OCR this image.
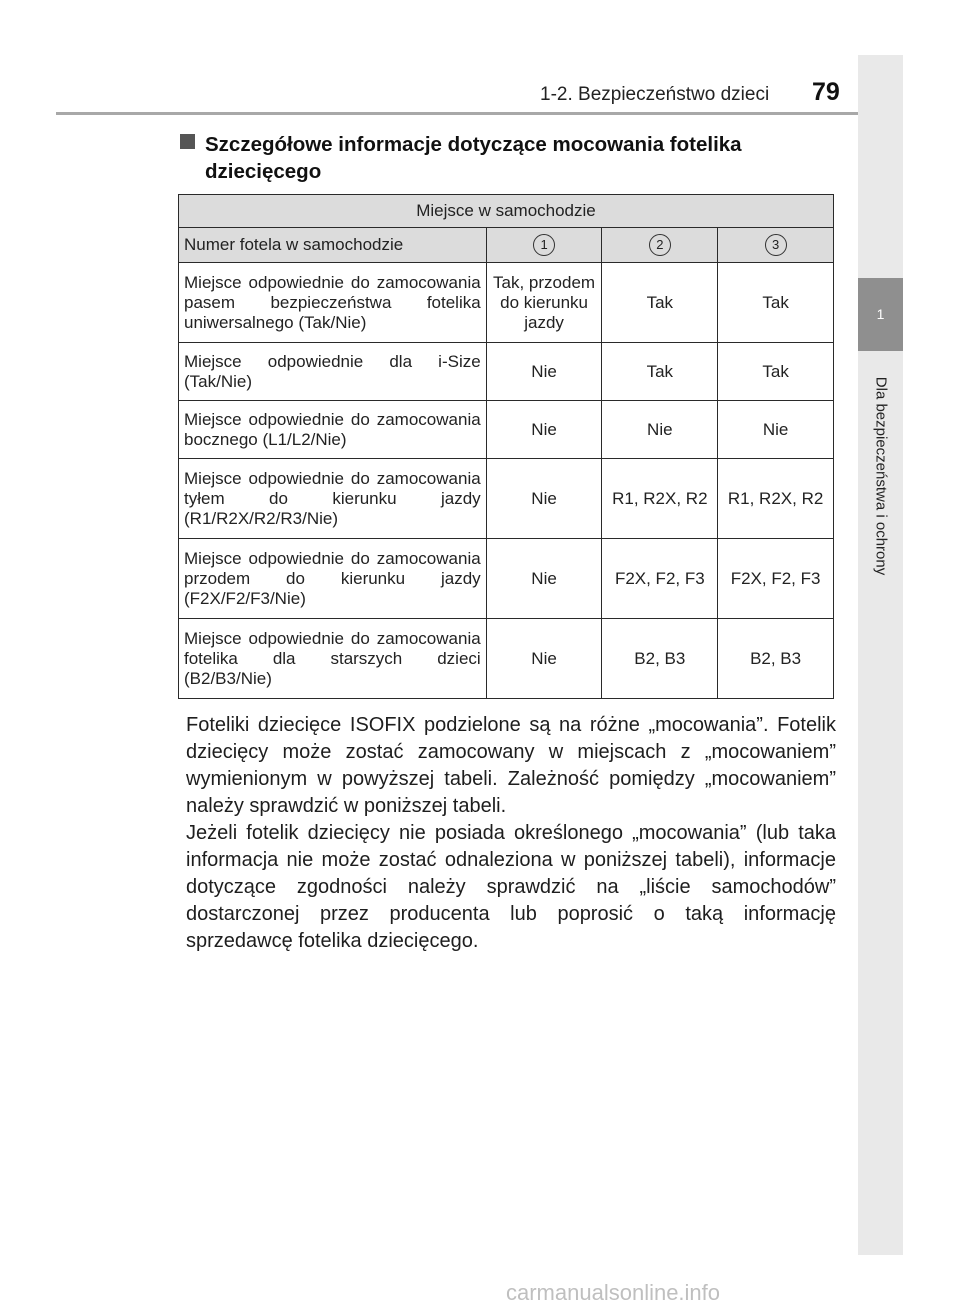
1-2. Bezpieczeństwo dzieci 79
1
Dla bezpieczeństwa i ochrony
Szczegółowe informacje dotyczące mocowania fotelika dziecięcego
Miejsce w samochodzie			
Numer fotela w samochodzie	1	2	3
Miejsce odpowiednie do zamocowania pasem bezpieczeństwa fotelika uniwersalnego (Tak/Nie)	Tak, przodem do kierunku jazdy	Tak	Tak
Miejsce odpowiednie dla i-Size (Tak/Nie)	Nie	Tak	Tak
Miejsce odpowiednie do zamocowania bocznego (L1/L2/Nie)	Nie	Nie	Nie
Miejsce odpowiednie do zamocowania tyłem do kierunku jazdy (R1/R2X/R2/R3/Nie)	Nie	R1, R2X, R2	R1, R2X, R2
Miejsce odpowiednie do zamocowania przodem do kierunku jazdy (F2X/F2/F3/Nie)	Nie	F2X, F2, F3	F2X, F2, F3
Miejsce odpowiednie do zamocowania fotelika dla starszych dzieci (B2/B3/Nie)	Nie	B2, B3	B2, B3

Foteliki dziecięce ISOFIX podzielone są na różne „mocowania”. Fotelik dziecięcy może zostać zamocowany w miejscach z „mocowaniem” wymienionym w powyższej tabeli. Zależność pomiędzy „mocowaniem” należy sprawdzić w poniższej tabeli.

Jeżeli fotelik dziecięcy nie posiada określonego „mocowania” (lub taka informacja nie może zostać odnaleziona w poniższej tabeli), informacje dotyczące zgodności należy sprawdzić na „liście samochodów” dostarczonej przez producenta lub poprosić o taką informację sprzedawcę fotelika dziecięcego.

carmanualsonline.info
